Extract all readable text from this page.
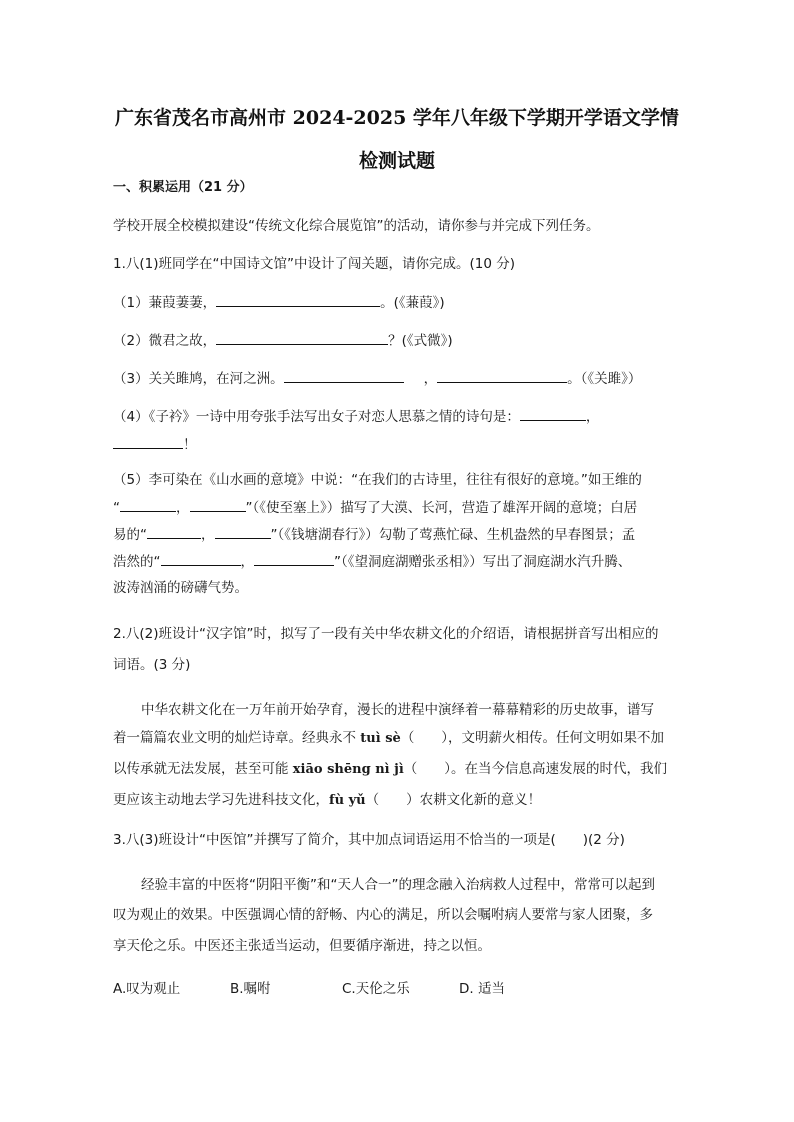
广东省茂名市高州市 2024-2025 学年八年级下学期开学语文学情
检测试题
一、积累运用（21 分）
学校开展全校模拟建设“传统文化综合展览馆”的活动，请你参与并完成下列任务。
1.八(1)班同学在“中国诗文馆”中设计了闯关题，请你完成。(10 分)
（1）蒹葭萋萋，	。(《蒹葭》)
（2）微君之故，	？(《式微》)
（3）关关雎鸠，在河之洲。	，	。（《关雎》）
（4）《子衿》一诗中用夸张手法写出女子对恋人思慕之情的诗句是：	，
！
（5）李可染在《山水画的意境》中说：“在我们的古诗里，往往有很好的意境。”如王维的
“	，	”（《使至塞上》）描写了大漠、长河，营造了雄浑开阔的意境；白居
易的“	，	”（《钱塘湖春行》）勾勒了莺燕忙碌、生机盎然的早春图景；孟
浩然的“	，	”（《望洞庭湖赠张丞相》）写出了洞庭湖水汽升腾、
波涛汹涌的磅礴气势。
2.八(2)班设计“汉字馆”时，拟写了一段有关中华农耕文化的介绍语，请根据拼音写出相应的
词语。(3 分)
中华农耕文化在一万年前开始孕育，漫长的进程中演绎着一幕幕精彩的历史故事，谱写
着一篇篇农业文明的灿烂诗章。经典永不 tuì sè（　　），文明薪火相传。任何文明如果不加
以传承就无法发展，甚至可能 xiāo shēng nì jì（　　）。在当今信息高速发展的时代，我们
更应该主动地去学习先进科技文化，fù yǔ（　　）农耕文化新的意义！
3.八(3)班设计“中医馆”并撰写了简介，其中加点词语运用不恰当的一项是(　　)(2 分)
经验丰富的中医将“阴阳平衡”和“天人合一”的理念融入治病救人过程中，常常可以起到
叹为观止的效果。中医强调心情的舒畅、内心的满足，所以会嘱咐病人要常与家人团聚，多
享天伦之乐。中医还主张适当运动，但要循序渐进，持之以恒。
A.叹为观止	B.嘱咐	C.天伦之乐	D. 适当
